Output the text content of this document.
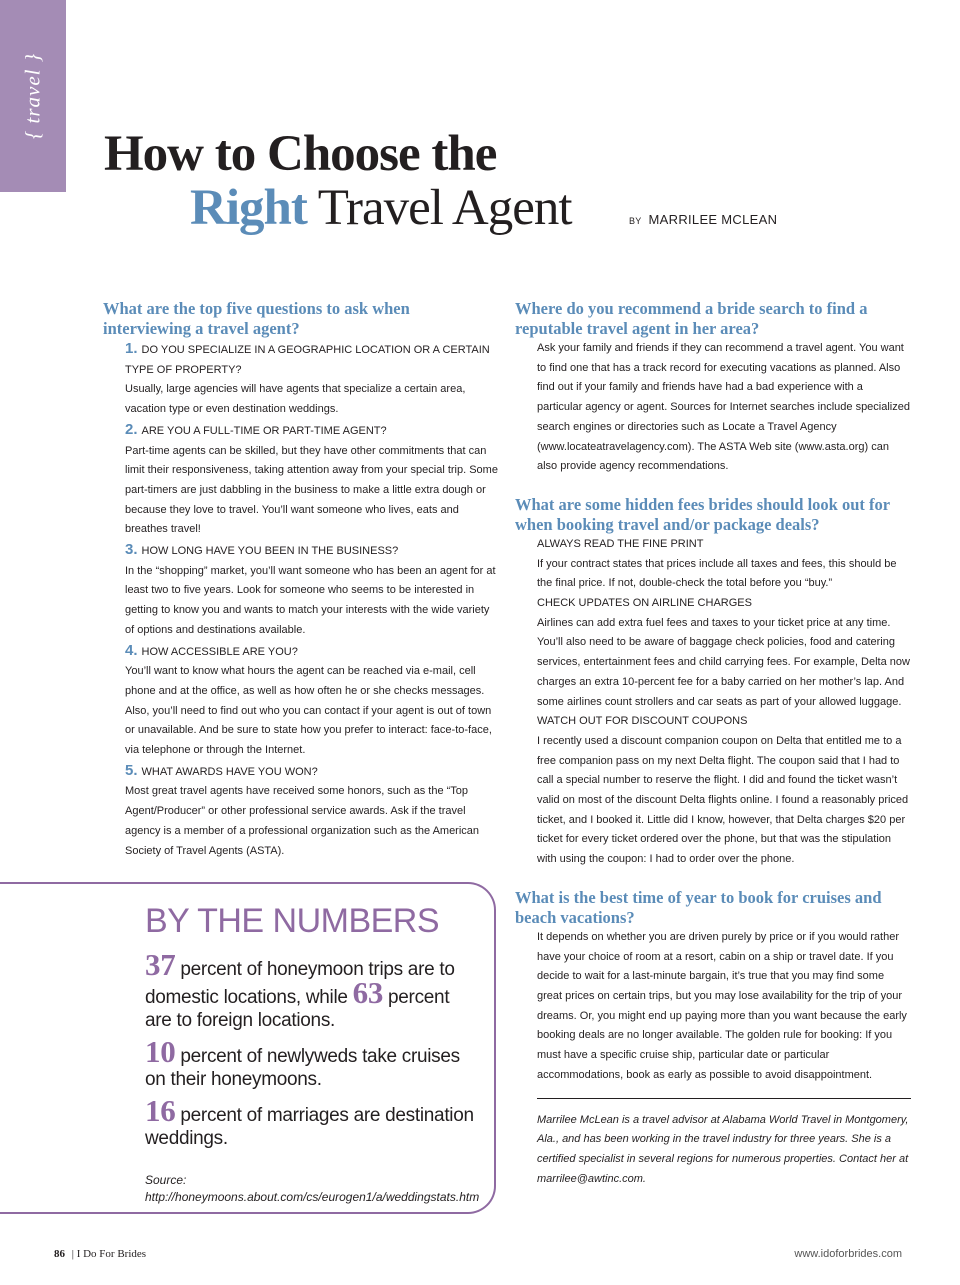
{ travel }
How to Choose the
Right Travel Agent	BY MARRILEE MCLEAN
What are the top five questions to ask when interviewing a travel agent?
1. DO YOU SPECIALIZE IN A GEOGRAPHIC LOCATION OR A CERTAIN TYPE OF PROPERTY?

Usually, large agencies will have agents that specialize a certain area, vacation type or even destination weddings.

2. ARE YOU A FULL-TIME OR PART-TIME AGENT?

Part-time agents can be skilled, but they have other commitments that can limit their responsiveness, taking attention away from your special trip. Some part-timers are just dabbling in the business to make a little extra dough or because they love to travel. You’ll want someone who lives, eats and breathes travel!

3. HOW LONG HAVE YOU BEEN IN THE BUSINESS?

In the “shopping” market, you’ll want someone who has been an agent for at least two to five years. Look for someone who seems to be interested in getting to know you and wants to match your interests with the wide variety of options and destinations available.

4. HOW ACCESSIBLE ARE YOU?

You’ll want to know what hours the agent can be reached via e-mail, cell phone and at the office, as well as how often he or she checks messages. Also, you’ll need to find out who you can contact if your agent is out of town or unavailable. And be sure to state how you prefer to interact: face-to-face, via telephone or through the Internet.

5. WHAT AWARDS HAVE YOU WON?

Most great travel agents have received some honors, such as the “Top Agent/Producer” or other professional service awards. Ask if the travel agency is a member of a professional organization such as the American Society of Travel Agents (ASTA).

BY THE NUMBERS

37 percent of honeymoon trips are to domestic locations, while 63 percent are to foreign locations.

10 percent of newlyweds take cruises on their honeymoons.

16 percent of marriages are destination weddings.

Source: http://honeymoons.about.com/cs/eurogen1/a/weddingstats.htm

Where do you recommend a bride search to find a reputable travel agent in her area?

Ask your family and friends if they can recommend a travel agent. You want to find one that has a track record for executing vacations as planned. Also find out if your family and friends have had a bad experience with a particular agency or agent. Sources for Internet searches include specialized search engines or directories such as Locate a Travel Agency (www.locateatravelagency.com). The ASTA Web site (www.asta.org) can also provide agency recommendations.

What are some hidden fees brides should look out for when booking travel and/or package deals?
ALWAYS READ THE FINE PRINT

If your contract states that prices include all taxes and fees, this should be the final price. If not, double-check the total before you “buy.”

CHECK UPDATES ON AIRLINE CHARGES

Airlines can add extra fuel fees and taxes to your ticket price at any time. You’ll also need to be aware of baggage check policies, food and catering services, entertainment fees and child carrying fees. For example, Delta now charges an extra 10-percent fee for a baby carried on her mother’s lap. And some airlines count strollers and car seats as part of your allowed luggage.

WATCH OUT FOR DISCOUNT COUPONS

I recently used a discount companion coupon on Delta that entitled me to a free companion pass on my next Delta flight. The coupon said that I had to call a special number to reserve the flight. I did and found the ticket wasn’t valid on most of the discount Delta flights online. I found a reasonably priced ticket, and I booked it. Little did I know, however, that Delta charges $20 per ticket for every ticket ordered over the phone, but that was the stipulation with using the coupon: I had to order over the phone.

What is the best time of year to book for cruises and beach vacations?

It depends on whether you are driven purely by price or if you would rather have your choice of room at a resort, cabin on a ship or travel date. If you decide to wait for a last-minute bargain, it’s true that you may find some great prices on certain trips, but you may lose availability for the trip of your dreams. Or, you might end up paying more than you want because the early booking deals are no longer available. The golden rule for booking: If you must have a specific cruise ship, particular date or particular accommodations, book as early as possible to avoid disappointment.

Marrilee McLean is a travel advisor at Alabama World Travel in Montgomery, Ala., and has been working in the travel industry for three years. She is a certified specialist in several regions for numerous properties. Contact her at marrilee@awtinc.com.

86 | I Do For Brides	www.idoforbrides.com
